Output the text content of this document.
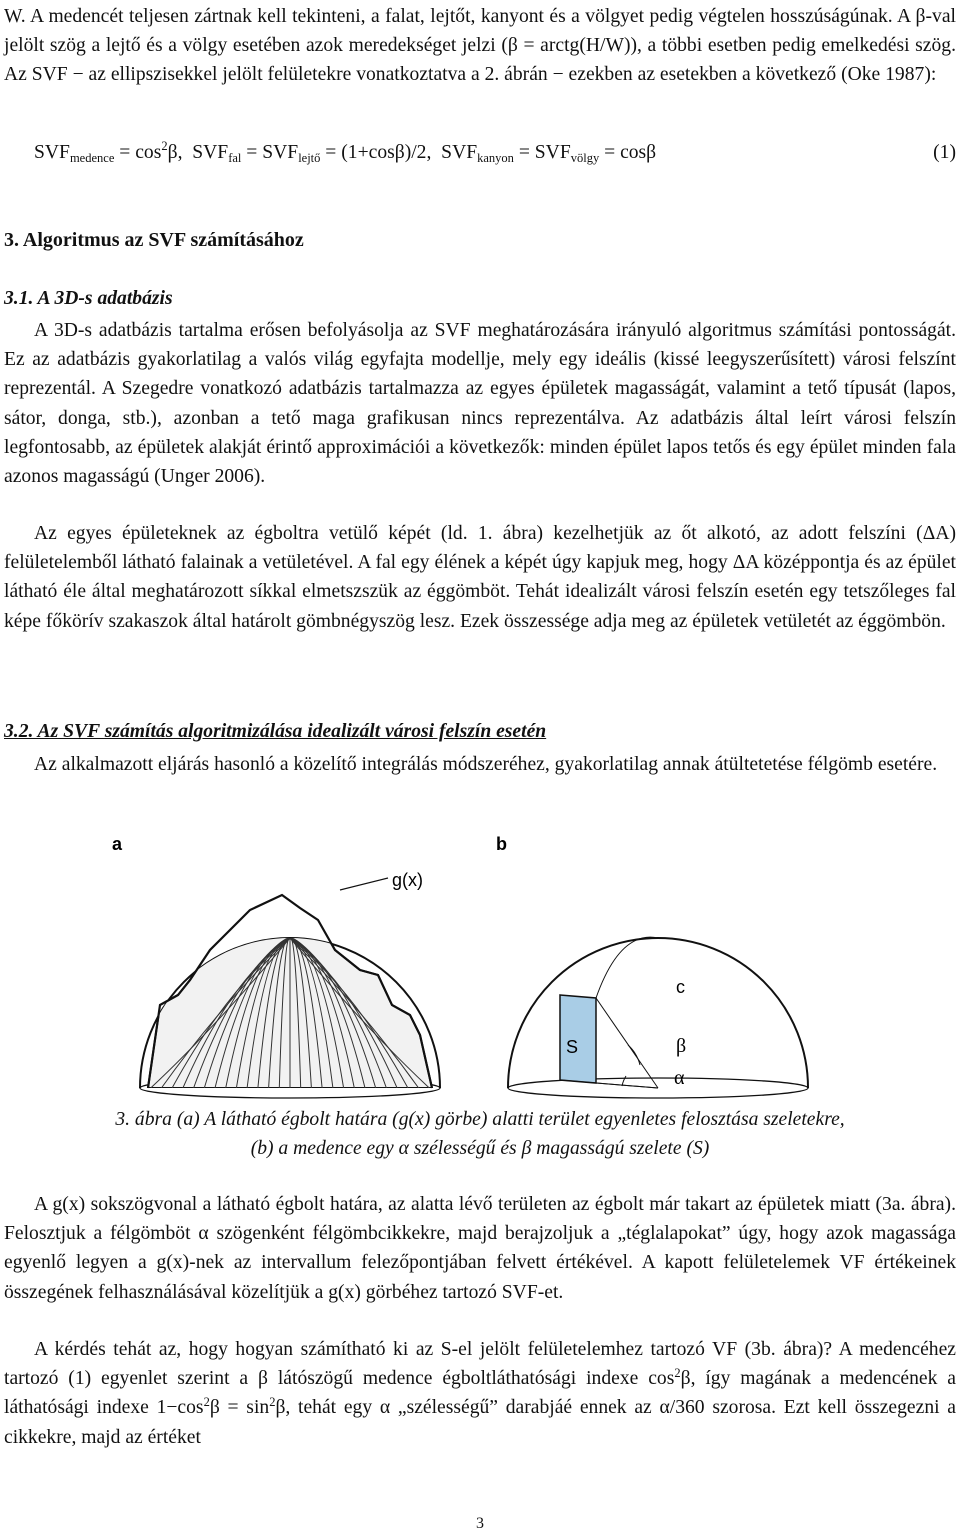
W. A medencét teljesen zártnak kell tekinteni, a falat, lejtőt, kanyont és a völgyet pedig végtelen hosszúságúnak. A β-val jelölt szög a lejtő és a völgy esetében azok meredekséget jelzi (β = arctg(H/W)), a többi esetben pedig emelkedési szög. Az SVF − az ellipszisekkel jelölt felületekre vonatkoztatva a 2. ábrán − ezekben az esetekben a következő (Oke 1987):

$SVF_{medence} = \cos^2\beta$,  $SVF_{fal} = SVF_{lejtő} = (1+\cos\beta)/2$,  $SVF_{kanyon} = SVF_{völgy} = \cos\beta$	(1)
3. Algoritmus az SVF számításához
3.1. A 3D-s adatbázis

A 3D-s adatbázis tartalma erősen befolyásolja az SVF meghatározására irányuló algoritmus számítási pontosságát. Ez az adatbázis gyakorlatilag a valós világ egyfajta modellje, mely egy ideális (kissé leegyszerűsített) városi felszínt reprezentál. A Szegedre vonatkozó adatbázis tartalmazza az egyes épületek magasságát, valamint a tető típusát (lapos, sátor, donga, stb.), azonban a tető maga grafikusan nincs reprezentálva. Az adatbázis által leírt városi felszín legfontosabb, az épületek alakját érintő approximációi a következők: minden épület lapos tetős és egy épület minden fala azonos magasságú (Unger 2006).

Az egyes épületeknek az égboltra vetülő képét (ld. 1. ábra) kezelhetjük az őt alkotó, az adott felszíni (ΔA) felületelemből látható falainak a vetületével. A fal egy élének a képét úgy kapjuk meg, hogy ΔA középpontja és az épület látható éle által meghatározott síkkal elmetszszük az éggömböt. Tehát idealizált városi felszín esetén egy tetszőleges fal képe főkörív szakaszok által határolt gömbnégyszög lesz. Ezek összessége adja meg az épületek vetületét az éggömbön.

3.2. Az SVF számítás algoritmizálása idealizált városi felszín esetén

Az alkalmazott eljárás hasonló a közelítő integrálás módszeréhez, gyakorlatilag annak átültetetése félgömb esetére.

a
g(x)
b
S
c
β
α

3. ábra (a) A látható égbolt határa (g(x) görbe) alatti terület egyenletes felosztása szeletekre,
(b) a medence egy α szélességű és β magasságú szelete (S)

A g(x) sokszögvonal a látható égbolt határa, az alatta lévő területen az égbolt már takart az épületek miatt (3a. ábra). Felosztjuk a félgömböt α szögenként félgömbcikkekre, majd berajzoljuk a „téglalapokat” úgy, hogy azok magassága egyenlő legyen a g(x)-nek az intervallum felezőpontjában felvett értékével. A kapott felületelemek VF értékeinek összegének felhasználásával közelítjük a g(x) görbéhez tartozó SVF-et.

A kérdés tehát az, hogy hogyan számítható ki az S-el jelölt felületelemhez tartozó VF (3b. ábra)? A medencéhez tartozó (1) egyenlet szerint a β látószögű medence égboltláthatósági indexe $\cos^2\beta$, így magának a medencének a láthatósági indexe $1-\cos^2\beta = \sin^2\beta$, tehát egy α „szélességű” darabjáé ennek az α/360 szorosa. Ezt kell összegezni a cikkekre, majd az értéket

3
